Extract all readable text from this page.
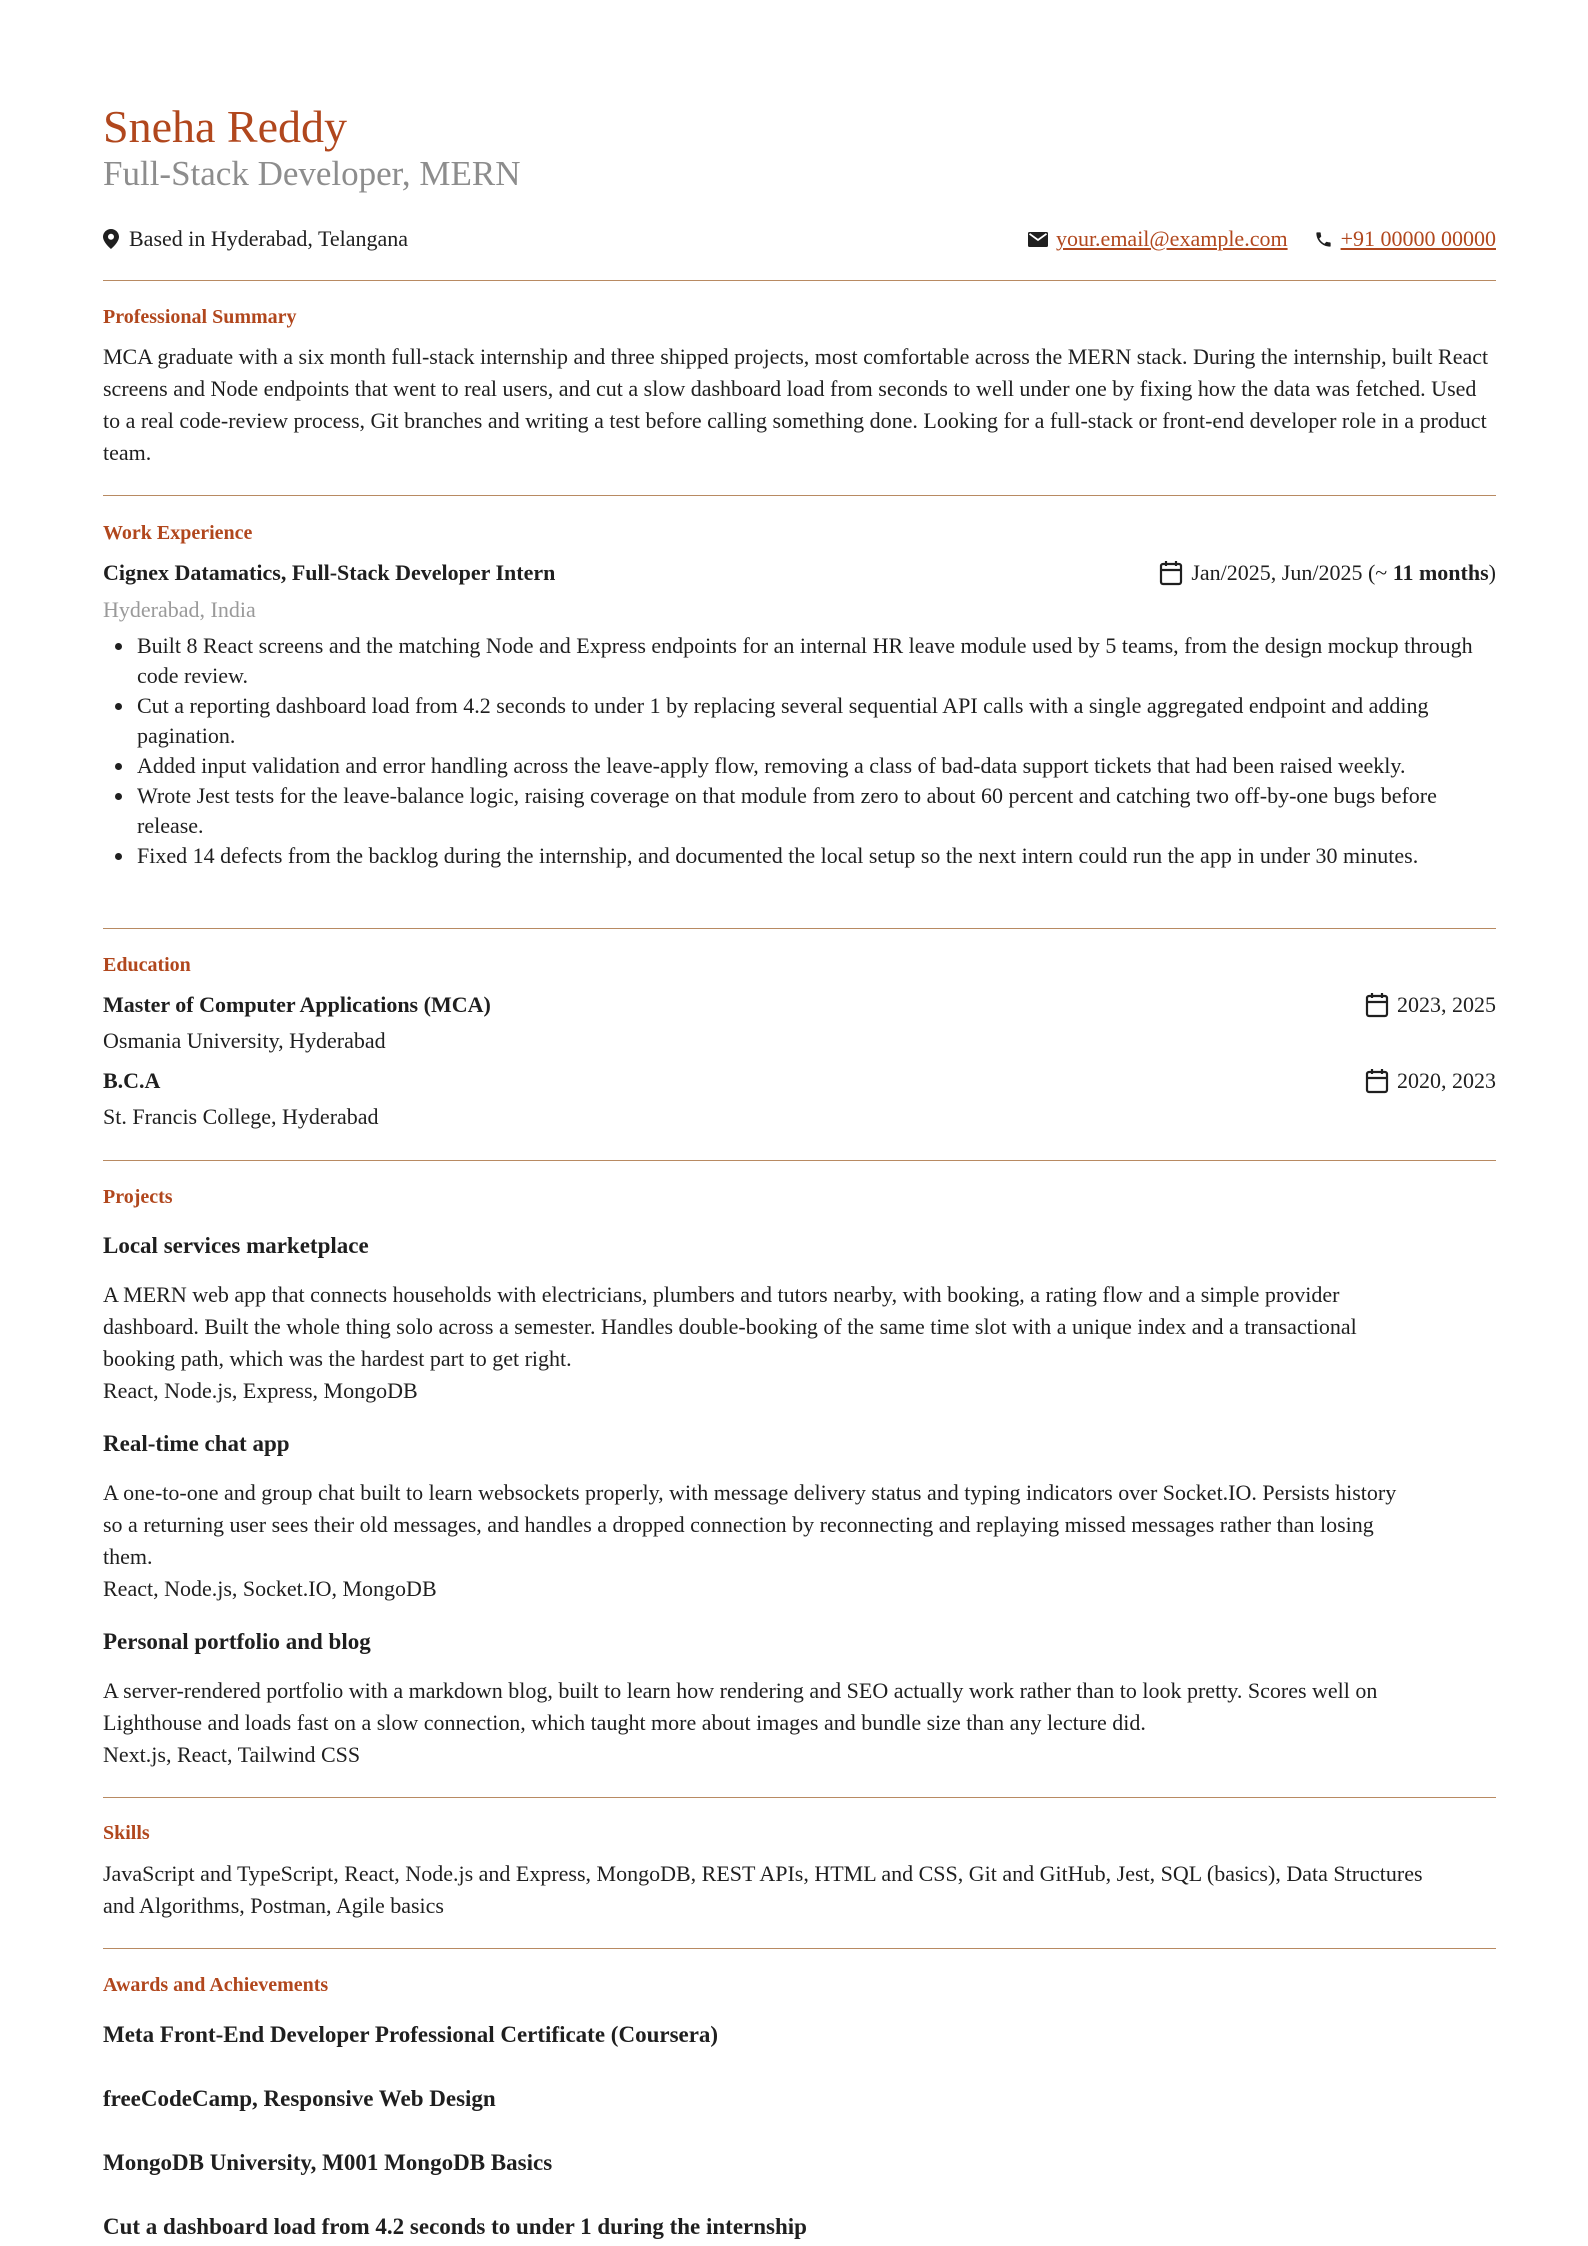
Sneha Reddy
Full-Stack Developer, MERN
Based in Hyderabad, Telangana	your.email@example.com +91 00000 00000
Professional Summary
MCA graduate with a six month full-stack internship and three shipped projects, most comfortable across the MERN stack. During the internship, built React screens and Node endpoints that went to real users, and cut a slow dashboard load from seconds to well under one by fixing how the data was fetched. Used to a real code-review process, Git branches and writing a test before calling something done. Looking for a full-stack or front-end developer role in a product team.
Work Experience
Cignex Datamatics, Full-Stack Developer Intern	Jan/2025, Jun/2025 (~ 11 months)
Hyderabad, India
Built 8 React screens and the matching Node and Express endpoints for an internal HR leave module used by 5 teams, from the design mockup through code review.
Cut a reporting dashboard load from 4.2 seconds to under 1 by replacing several sequential API calls with a single aggregated endpoint and adding pagination.
Added input validation and error handling across the leave-apply flow, removing a class of bad-data support tickets that had been raised weekly.
Wrote Jest tests for the leave-balance logic, raising coverage on that module from zero to about 60 percent and catching two off-by-one bugs before release.
Fixed 14 defects from the backlog during the internship, and documented the local setup so the next intern could run the app in under 30 minutes.
Education
Master of Computer Applications (MCA)	2023, 2025
Osmania University, Hyderabad
B.C.A	2020, 2023
St. Francis College, Hyderabad
Projects
Local services marketplace
A MERN web app that connects households with electricians, plumbers and tutors nearby, with booking, a rating flow and a simple provider
dashboard. Built the whole thing solo across a semester. Handles double-booking of the same time slot with a unique index and a transactional
booking path, which was the hardest part to get right.
React, Node.js, Express, MongoDB
Real-time chat app
A one-to-one and group chat built to learn websockets properly, with message delivery status and typing indicators over Socket.IO. Persists history
so a returning user sees their old messages, and handles a dropped connection by reconnecting and replaying missed messages rather than losing
them.
React, Node.js, Socket.IO, MongoDB
Personal portfolio and blog
A server-rendered portfolio with a markdown blog, built to learn how rendering and SEO actually work rather than to look pretty. Scores well on
Lighthouse and loads fast on a slow connection, which taught more about images and bundle size than any lecture did.
Next.js, React, Tailwind CSS
Skills
JavaScript and TypeScript, React, Node.js and Express, MongoDB, REST APIs, HTML and CSS, Git and GitHub, Jest, SQL (basics), Data Structures
and Algorithms, Postman, Agile basics
Awards and Achievements
Meta Front-End Developer Professional Certificate (Coursera)
freeCodeCamp, Responsive Web Design
MongoDB University, M001 MongoDB Basics
Cut a dashboard load from 4.2 seconds to under 1 during the internship
